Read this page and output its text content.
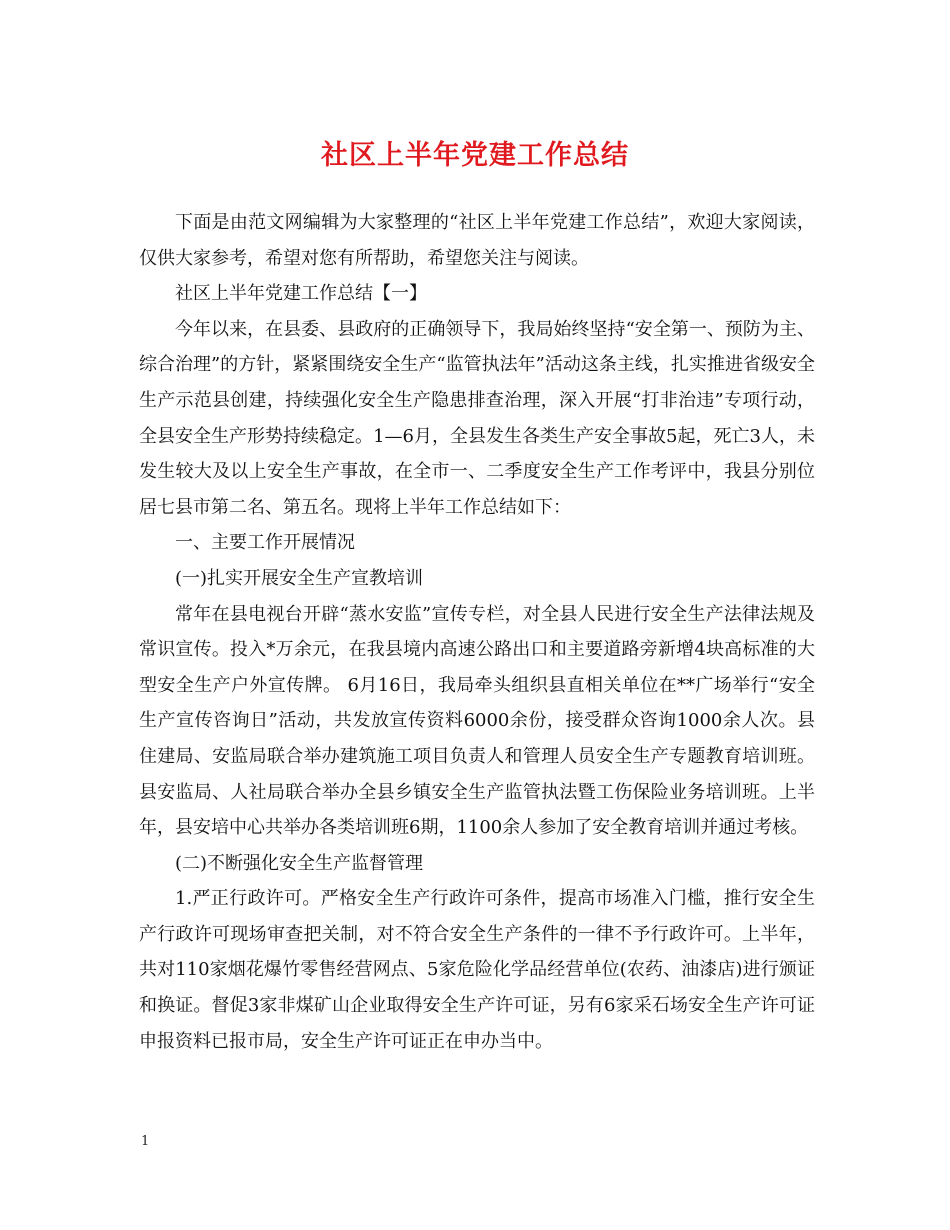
社区上半年党建工作总结

下面是由范文网编辑为大家整理的“社区上半年党建工作总结”，欢迎大家阅读，仅供大家参考，希望对您有所帮助，希望您关注与阅读。

社区上半年党建工作总结【一】

今年以来，在县委、县政府的正确领导下，我局始终坚持“安全第一、预防为主、综合治理”的方针，紧紧围绕安全生产“监管执法年”活动这条主线，扎实推进省级安全生产示范县创建，持续强化安全生产隐患排查治理，深入开展“打非治违”专项行动，全县安全生产形势持续稳定。1—6月，全县发生各类生产安全事故5起，死亡3人，未发生较大及以上安全生产事故，在全市一、二季度安全生产工作考评中，我县分别位居七县市第二名、第五名。现将上半年工作总结如下：

一、主要工作开展情况

(一)扎实开展安全生产宣教培训

常年在县电视台开辟“蒸水安监”宣传专栏，对全县人民进行安全生产法律法规及常识宣传。投入*万余元，在我县境内高速公路出口和主要道路旁新增4块高标准的大型安全生产户外宣传牌。 6月16日，我局牵头组织县直相关单位在**广场举行“安全生产宣传咨询日”活动，共发放宣传资料6000余份，接受群众咨询1000余人次。县住建局、安监局联合举办建筑施工项目负责人和管理人员安全生产专题教育培训班。县安监局、人社局联合举办全县乡镇安全生产监管执法暨工伤保险业务培训班。上半年，县安培中心共举办各类培训班6期，1100余人参加了安全教育培训并通过考核。

(二)不断强化安全生产监督管理

1.严正行政许可。严格安全生产行政许可条件，提高市场准入门槛，推行安全生产行政许可现场审查把关制，对不符合安全生产条件的一律不予行政许可。上半年，共对110家烟花爆竹零售经营网点、5家危险化学品经营单位(农药、油漆店)进行颁证和换证。督促3家非煤矿山企业取得安全生产许可证，另有6家采石场安全生产许可证申报资料已报市局，安全生产许可证正在申办当中。

1
